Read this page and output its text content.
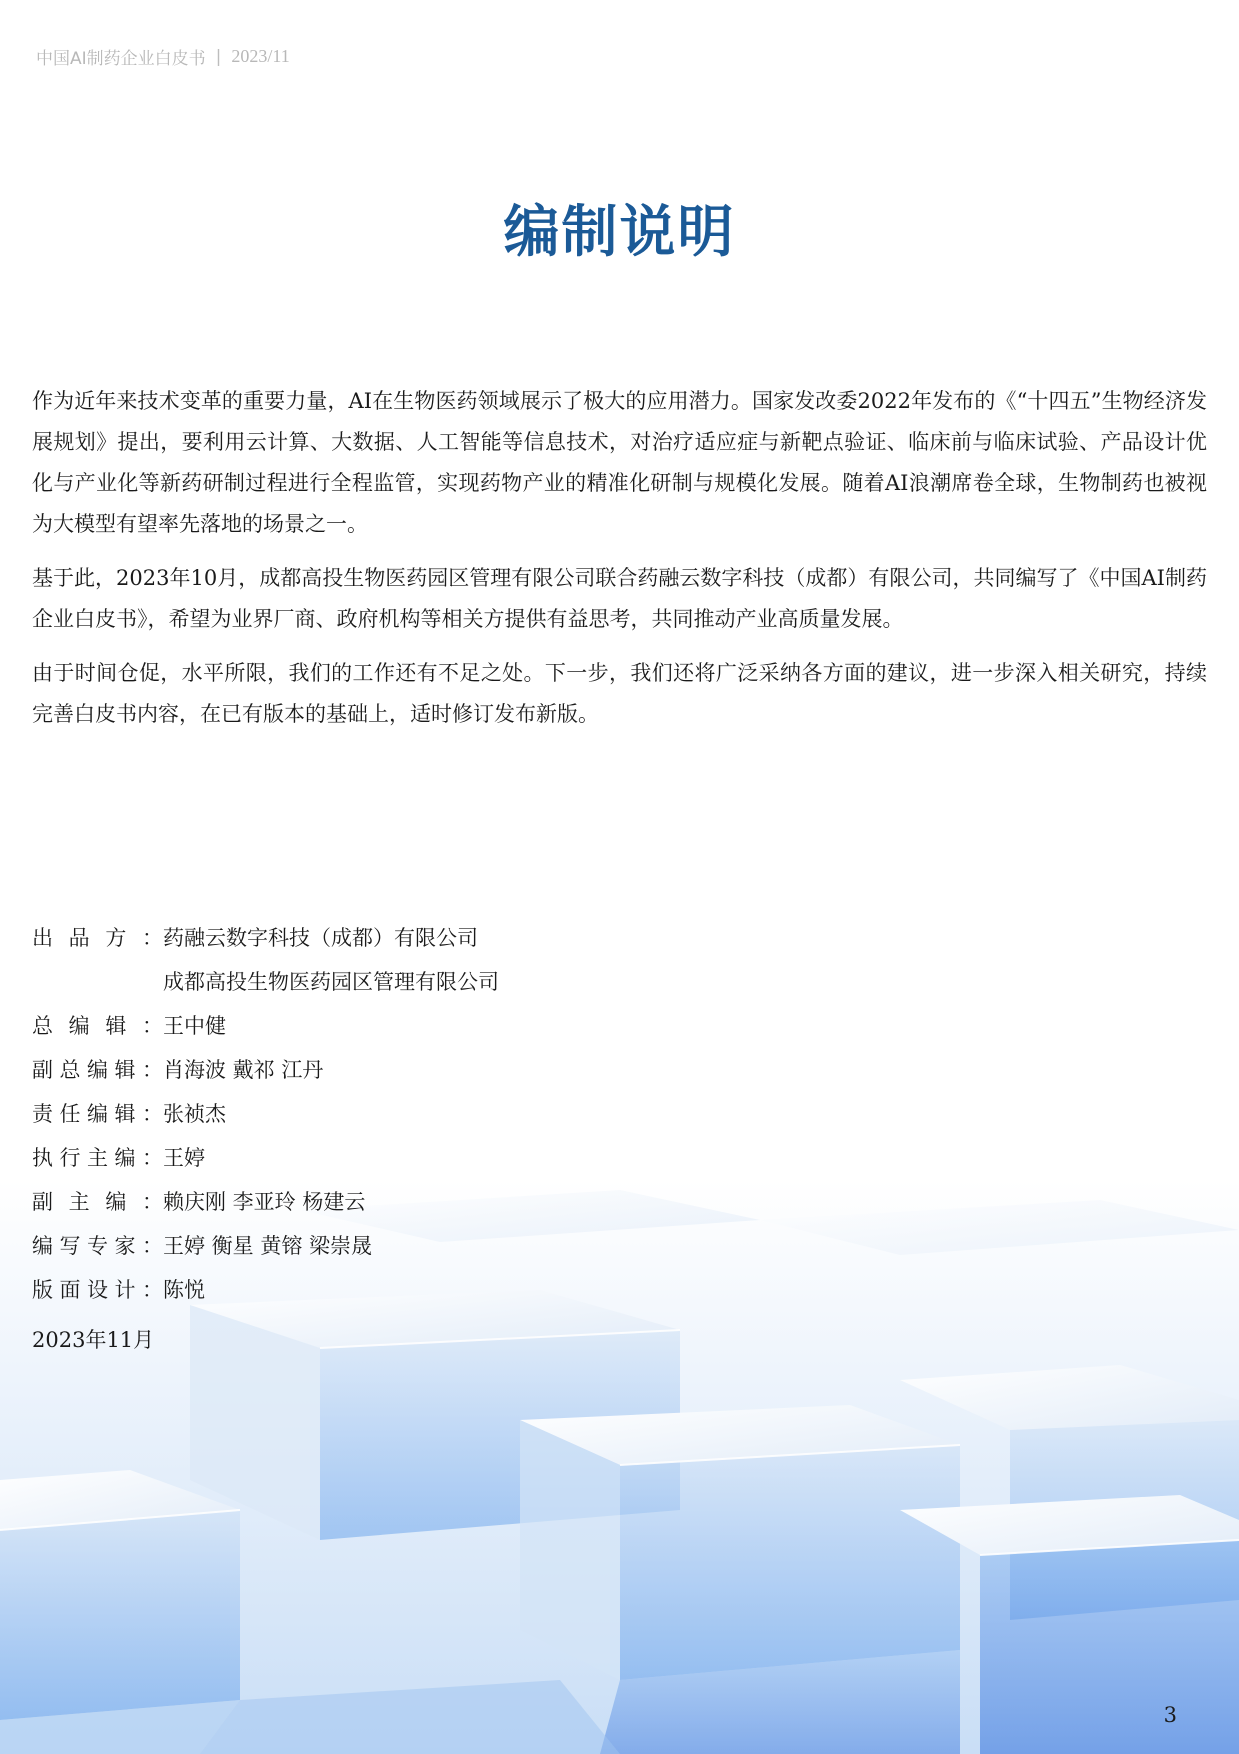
中国AI制药企业白皮书 | 2023/11
编制说明

作为近年来技术变革的重要力量，AI在生物医药领域展示了极大的应用潜力。国家发改委2022年发布的《“十四五”生物经济发展规划》提出，要利用云计算、大数据、人工智能等信息技术，对治疗适应症与新靶点验证、临床前与临床试验、产品设计优化与产业化等新药研制过程进行全程监管，实现药物产业的精准化研制与规模化发展。随着AI浪潮席卷全球，生物制药也被视为大模型有望率先落地的场景之一。

基于此，2023年10月，成都高投生物医药园区管理有限公司联合药融云数字科技（成都）有限公司，共同编写了《中国AI制药企业白皮书》，希望为业界厂商、政府机构等相关方提供有益思考，共同推动产业高质量发展。

由于时间仓促，水平所限，我们的工作还有不足之处。下一步，我们还将广泛采纳各方面的建议，进一步深入相关研究，持续完善白皮书内容，在已有版本的基础上，适时修订发布新版。

出品方： 药融云数字科技（成都）有限公司
成都高投生物医药园区管理有限公司
总编辑： 王中健
副总编辑： 肖海波 戴祁 江丹
责任编辑： 张祯杰
执行主编： 王婷
副主编： 赖庆刚 李亚玲 杨建云
编写专家： 王婷 衡星 黄镕 梁崇晟
版面设计： 陈悦
2023年11月
3
